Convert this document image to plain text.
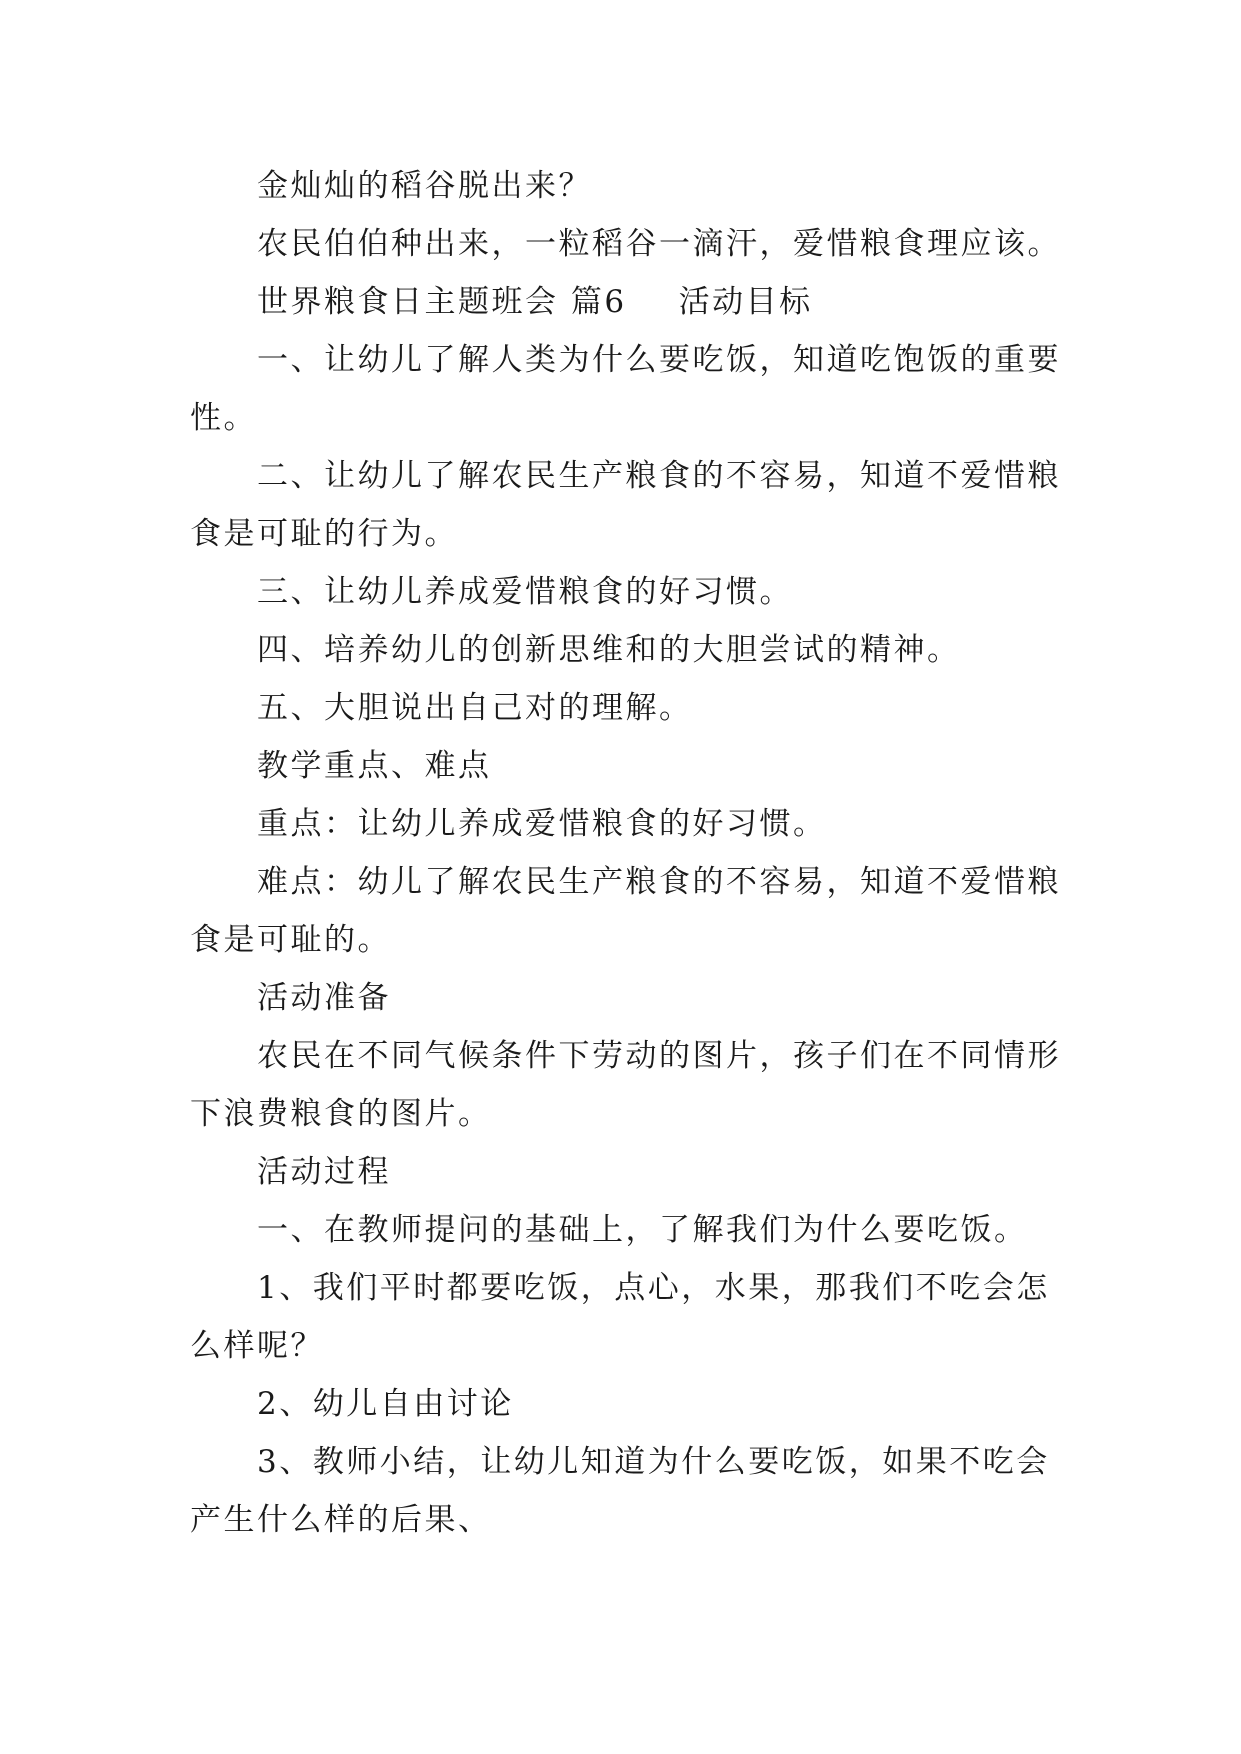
金灿灿的稻谷脱出来？
农民伯伯种出来，一粒稻谷一滴汗，爱惜粮食理应该。
世界粮食日主题班会 篇6 活动目标
一、让幼儿了解人类为什么要吃饭，知道吃饱饭的重要
性。
二、让幼儿了解农民生产粮食的不容易，知道不爱惜粮
食是可耻的行为。
三、让幼儿养成爱惜粮食的好习惯。
四、培养幼儿的创新思维和的大胆尝试的精神。
五、大胆说出自己对的理解。
教学重点、难点
重点：让幼儿养成爱惜粮食的好习惯。
难点：幼儿了解农民生产粮食的不容易，知道不爱惜粮
食是可耻的。
活动准备
农民在不同气候条件下劳动的图片，孩子们在不同情形
下浪费粮食的图片。
活动过程
一、在教师提问的基础上，了解我们为什么要吃饭。
1、我们平时都要吃饭，点心，水果，那我们不吃会怎
么样呢？
2、幼儿自由讨论
3、教师小结，让幼儿知道为什么要吃饭，如果不吃会
产生什么样的后果、
